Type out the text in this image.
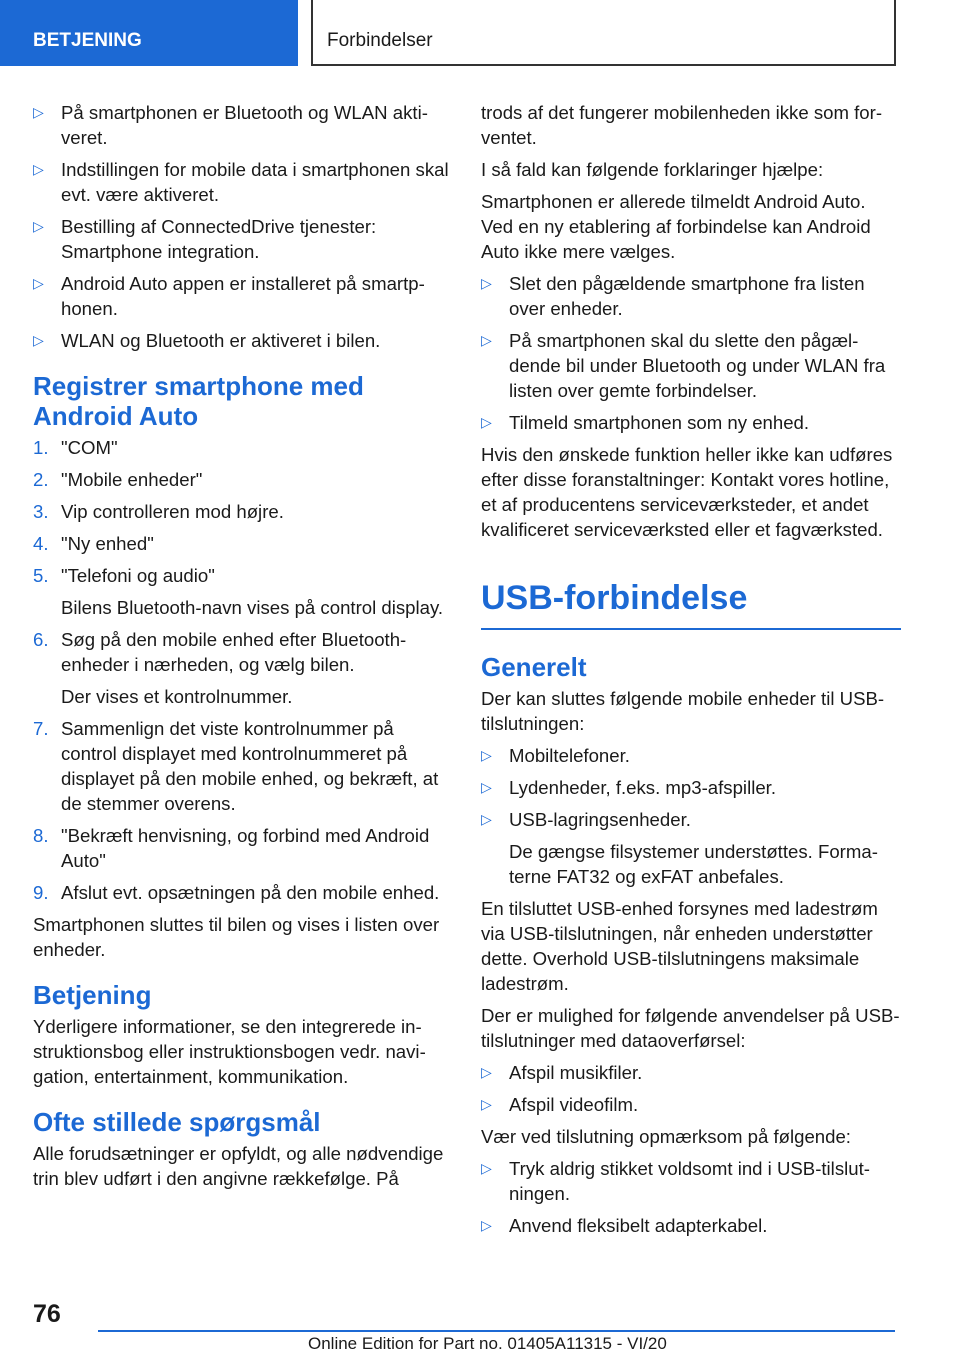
BETJENING	Forbindelser
▷ På smartphonen er Bluetooth og WLAN aktiveret.
▷ Indstillingen for mobile data i smartphonen skal evt. være aktiveret.
▷ Bestilling af ConnectedDrive tjenester: Smartphone integration.
▷ Android Auto appen er installeret på smartphonen.
▷ WLAN og Bluetooth er aktiveret i bilen.
Registrer smartphone med Android Auto
1. "COM"
2. "Mobile enheder"
3. Vip controlleren mod højre.
4. "Ny enhed"
5. "Telefoni og audio"
Bilens Bluetooth-navn vises på control display.
6. Søg på den mobile enhed efter Bluetooth-enheder i nærheden, og vælg bilen.
Der vises et kontrolnummer.
7. Sammenlign det viste kontrolnummer på control displayet med kontrolnummeret på displayet på den mobile enhed, og bekræft, at de stemmer overens.
8. "Bekræft henvisning, og forbind med Android Auto"
9. Afslut evt. opsætningen på den mobile enhed.

Smartphonen sluttes til bilen og vises i listen over enheder.

Betjening

Yderligere informationer, se den integrerede instruktionsbog eller instruktionsbogen vedr. navigation, entertainment, kommunikation.

Ofte stillede spørgsmål

Alle forudsætninger er opfyldt, og alle nødvendige trin blev udført i den angivne rækkefølge. På

trods af det fungerer mobilenheden ikke som forventet.

I så fald kan følgende forklaringer hjælpe:

Smartphonen er allerede tilmeldt Android Auto. Ved en ny etablering af forbindelse kan Android Auto ikke mere vælges.

▷ Slet den pågældende smartphone fra listen over enheder.
▷ På smartphonen skal du slette den pågældende bil under Bluetooth og under WLAN fra listen over gemte forbindelser.
▷ Tilmeld smartphonen som ny enhed.

Hvis den ønskede funktion heller ikke kan udføres efter disse foranstaltninger: Kontakt vores hotline, et af producentens serviceværksteder, et andet kvalificeret serviceværksted eller et fagværksted.

USB-forbindelse
Generelt

Der kan sluttes følgende mobile enheder til USB-tilslutningen:

▷ Mobiltelefoner.
▷ Lydenheder, f.eks. mp3-afspiller.
▷ USB-lagringsenheder.
De gængse filsystemer understøttes. Formaterne FAT32 og exFAT anbefales.

En tilsluttet USB-enhed forsynes med ladestrøm via USB-tilslutningen, når enheden understøtter dette. Overhold USB-tilslutningens maksimale ladestrøm.

Der er mulighed for følgende anvendelser på USB-tilslutninger med dataoverførsel:

▷ Afspil musikfiler.
▷ Afspil videofilm.

Vær ved tilslutning opmærksom på følgende:

▷ Tryk aldrig stikket voldsomt ind i USB-tilslutningen.
▷ Anvend fleksibelt adapterkabel.
76
Online Edition for Part no. 01405A11315 - VI/20
